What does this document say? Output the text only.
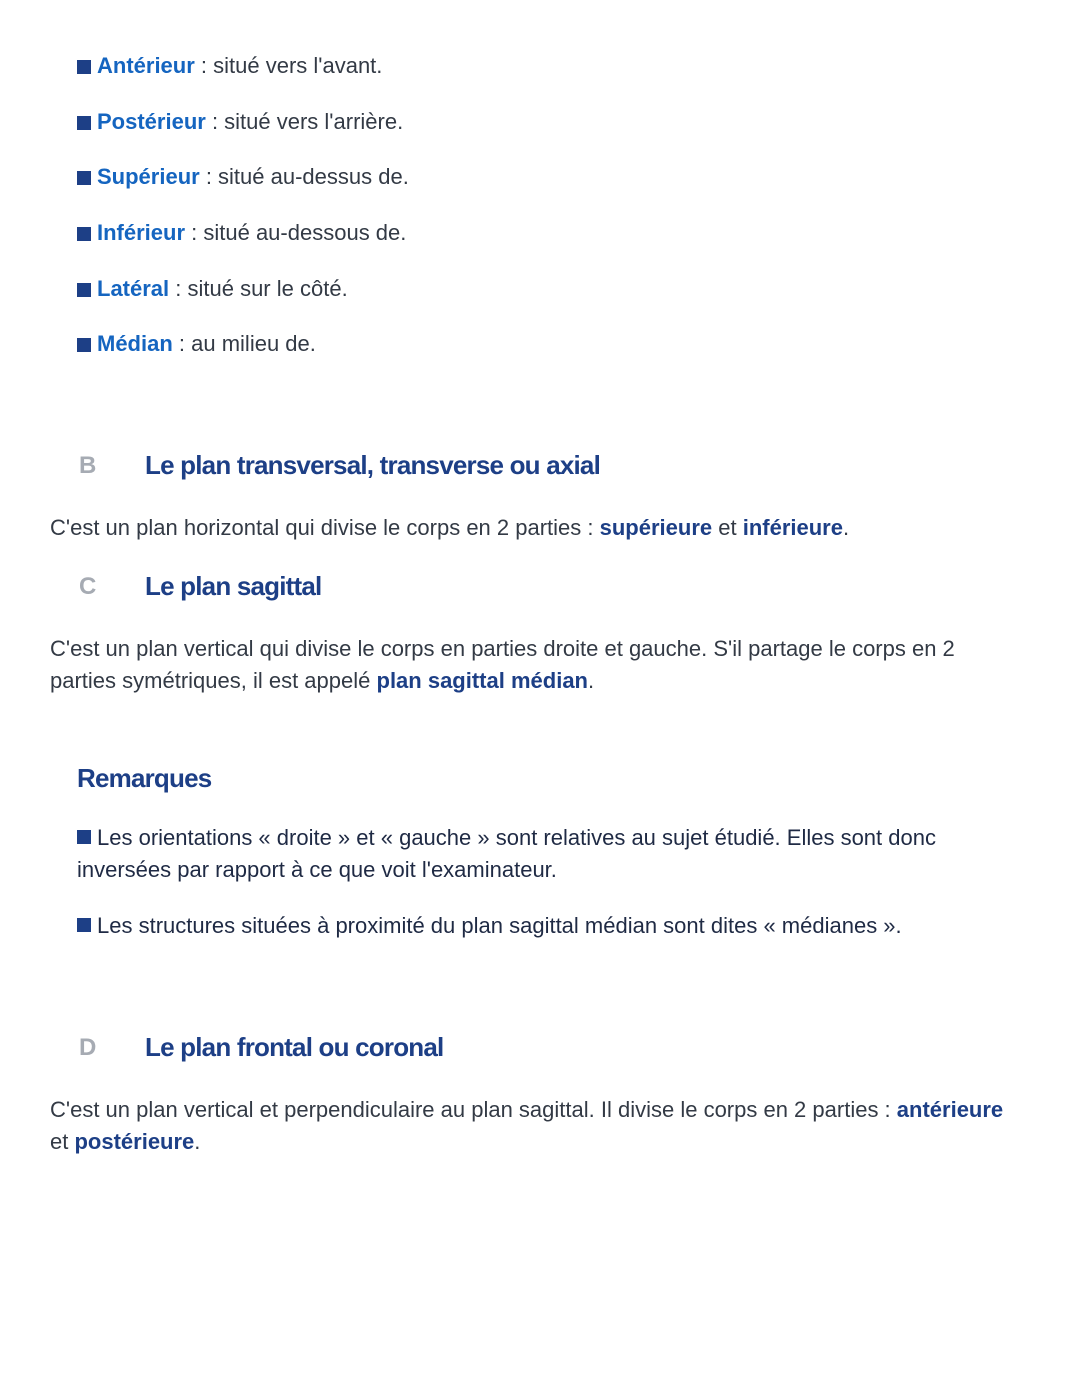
Antérieur : situé vers l'avant.
Postérieur : situé vers l'arrière.
Supérieur : situé au-dessus de.
Inférieur : situé au-dessous de.
Latéral : situé sur le côté.
Médian : au milieu de.
B	Le plan transversal, transverse ou axial

C'est un plan horizontal qui divise le corps en 2 parties : supérieure et inférieure.

C	Le plan sagittal

C'est un plan vertical qui divise le corps en parties droite et gauche. S'il partage le corps en 2 parties symétriques, il est appelé plan sagittal médian.

Remarques

Les orientations « droite » et « gauche » sont relatives au sujet étudié. Elles sont donc inversées par rapport à ce que voit l'examinateur.

Les structures situées à proximité du plan sagittal médian sont dites « médianes ».

D	Le plan frontal ou coronal

C'est un plan vertical et perpendiculaire au plan sagittal. Il divise le corps en 2 parties : antérieure et postérieure.
